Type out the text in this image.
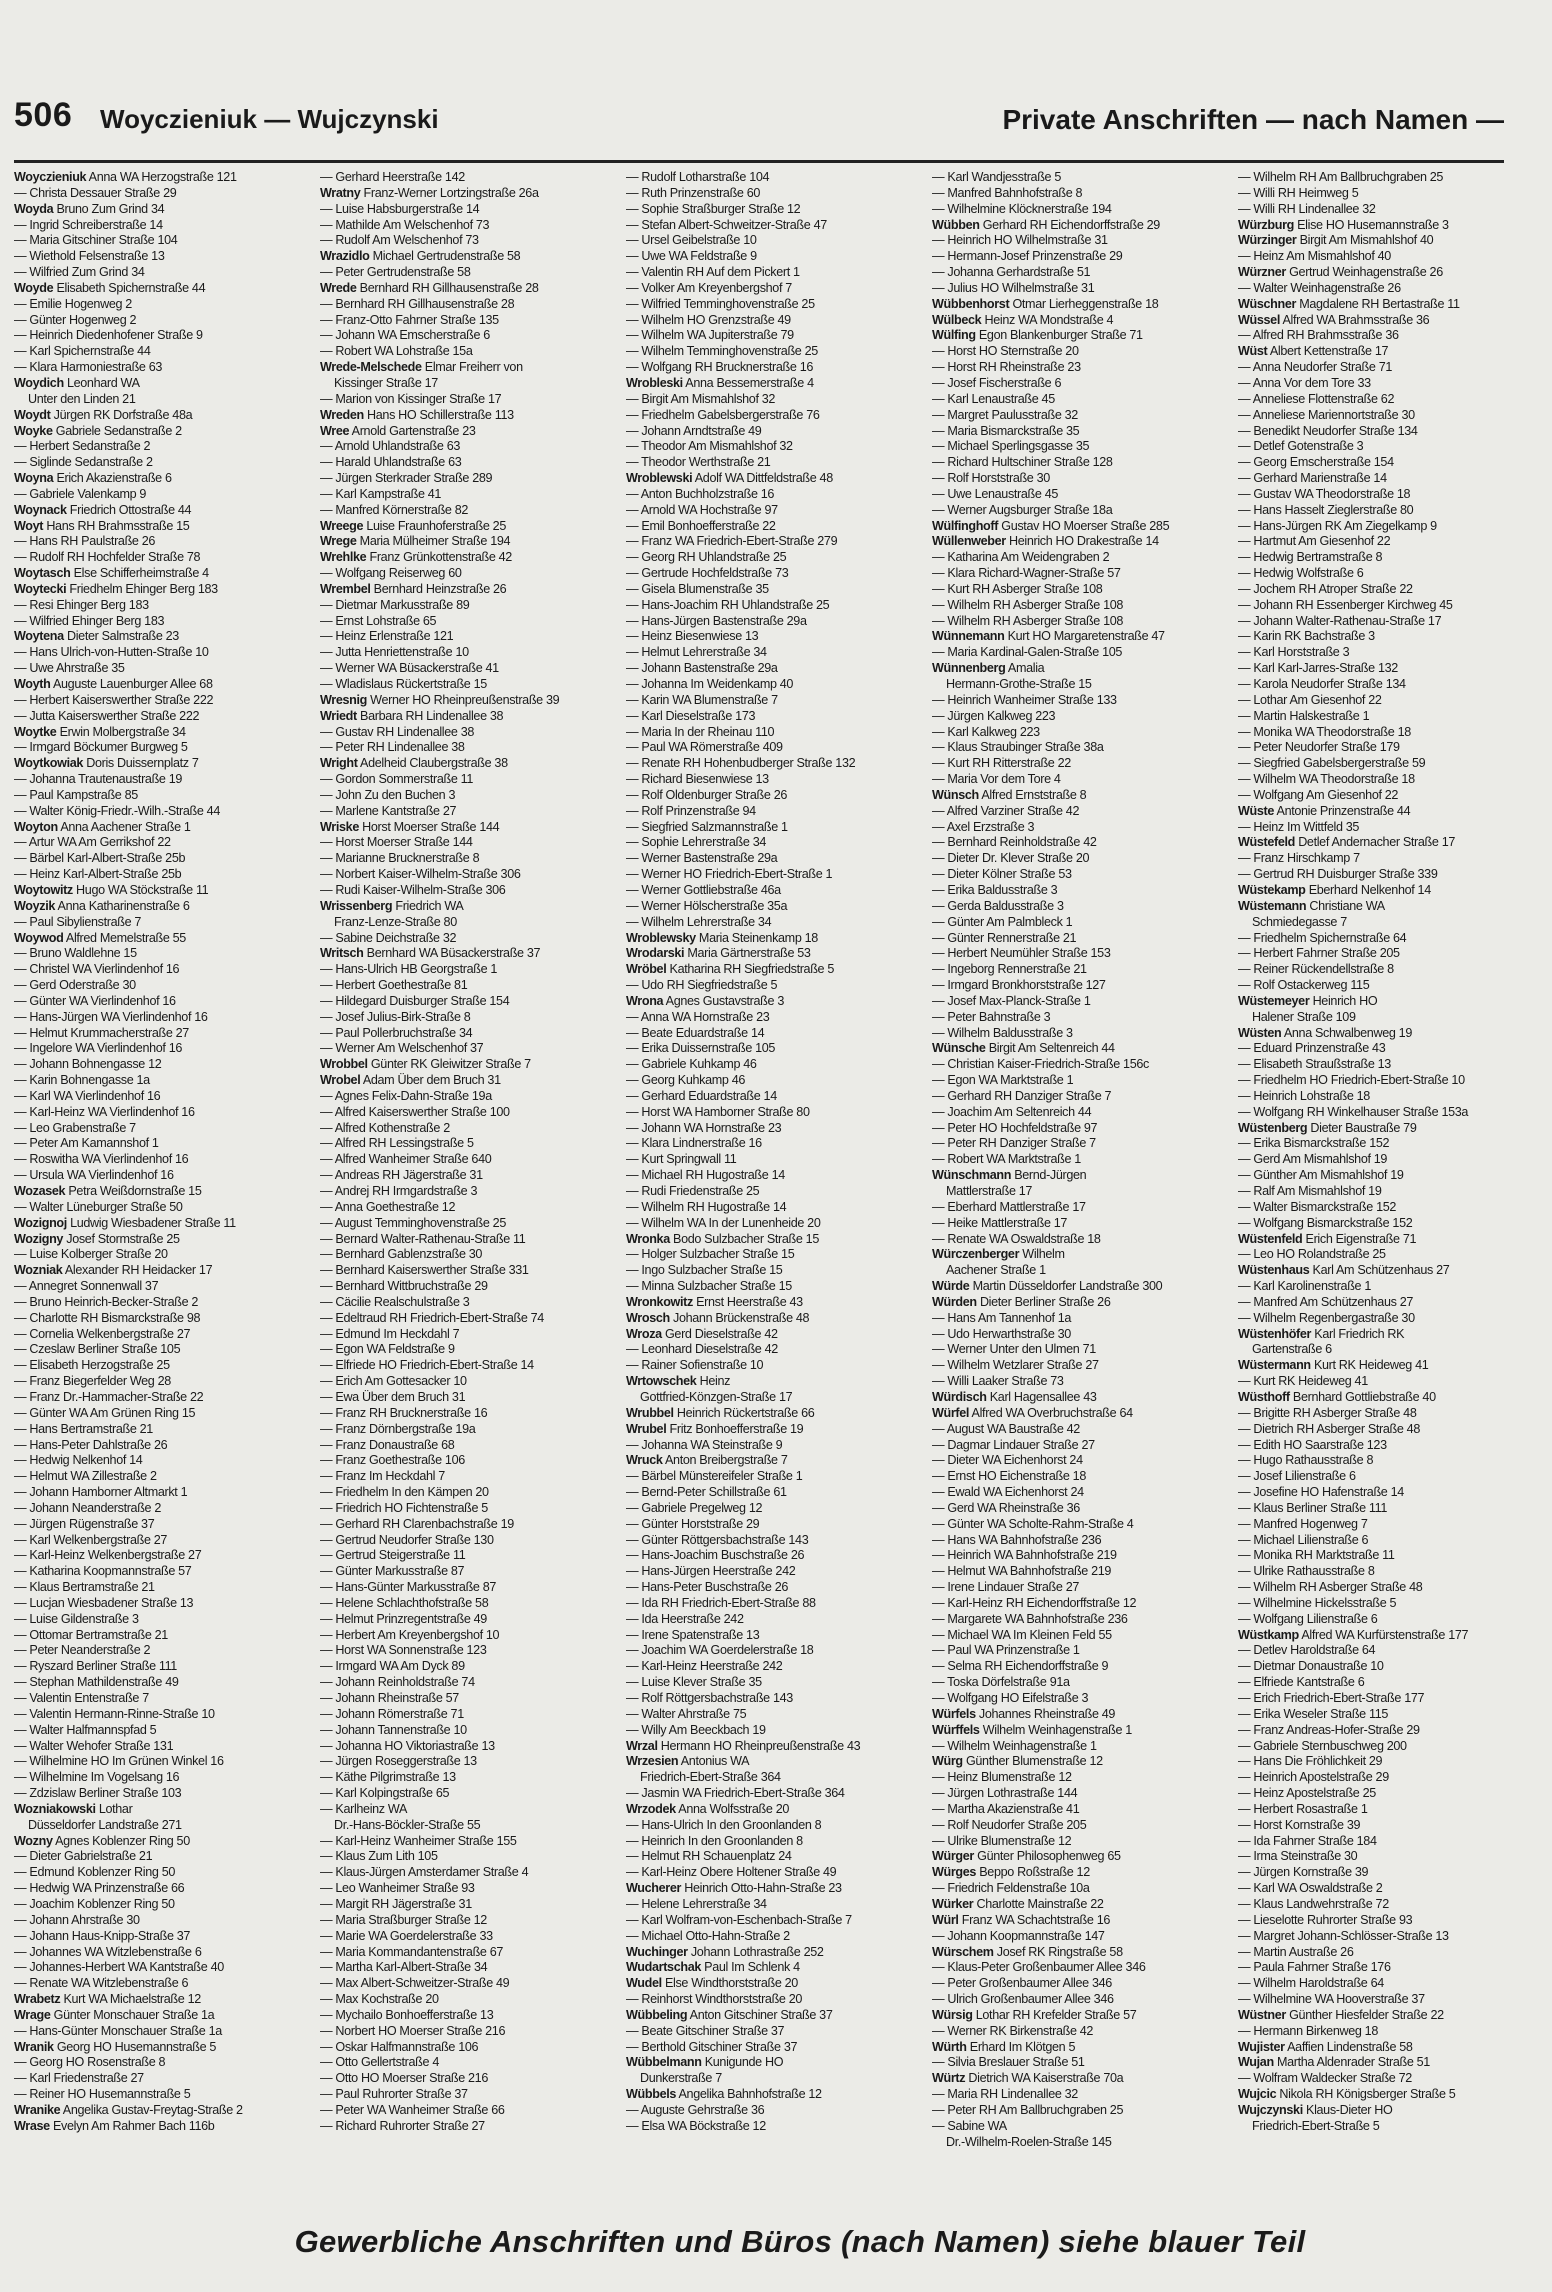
506 Woyczieniuk — Wujczynski	Private Anschriften — nach Namen —
Woyczieniuk Anna WA Herzogstraße 121
— Christa Dessauer Straße 29
Woyda Bruno Zum Grind 34
— Ingrid Schreiberstraße 14
— Maria Gitschiner Straße 104
— Wiethold Felsenstraße 13
— Wilfried Zum Grind 34
Woyde Elisabeth Spichernstraße 44
— Emilie Hogenweg 2
— Günter Hogenweg 2
— Heinrich Diedenhofener Straße 9
— Karl Spichernstraße 44
— Klara Harmoniestraße 63
Woydich Leonhard WA
Unter den Linden 21
Woydt Jürgen RK Dorfstraße 48a
Woyke Gabriele Sedanstraße 2
— Herbert Sedanstraße 2
— Siglinde Sedanstraße 2
Woyna Erich Akazienstraße 6
— Gabriele Valenkamp 9
Woynack Friedrich Ottostraße 44
Woyt Hans RH Brahmsstraße 15
— Hans RH Paulstraße 26
— Rudolf RH Hochfelder Straße 78
Woytasch Else Schifferheimstraße 4
Woytecki Friedhelm Ehinger Berg 183
— Resi Ehinger Berg 183
— Wilfried Ehinger Berg 183
Woytena Dieter Salmstraße 23
— Hans Ulrich-von-Hutten-Straße 10
— Uwe Ahrstraße 35
Woyth Auguste Lauenburger Allee 68
— Herbert Kaiserswerther Straße 222
— Jutta Kaiserswerther Straße 222
Woytke Erwin Molbergstraße 34
— Irmgard Böckumer Burgweg 5
Woytkowiak Doris Duissernplatz 7
— Johanna Trautenaustraße 19
— Paul Kampstraße 85
— Walter König-Friedr.-Wilh.-Straße 44
Woyton Anna Aachener Straße 1
— Artur WA Am Gerrikshof 22
— Bärbel Karl-Albert-Straße 25b
— Heinz Karl-Albert-Straße 25b
Woytowitz Hugo WA Stöckstraße 11
Woyzik Anna Katharinenstraße 6
— Paul Sibylienstraße 7
Woywod Alfred Memelstraße 55
— Bruno Waldlehne 15
— Christel WA Vierlindenhof 16
— Gerd Oderstraße 30
— Günter WA Vierlindenhof 16
— Hans-Jürgen WA Vierlindenhof 16
— Helmut Krummacherstraße 27
— Ingelore WA Vierlindenhof 16
— Johann Bohnengasse 12
— Karin Bohnengasse 1a
— Karl WA Vierlindenhof 16
— Karl-Heinz WA Vierlindenhof 16
— Leo Grabenstraße 7
— Peter Am Kamannshof 1
— Roswitha WA Vierlindenhof 16
— Ursula WA Vierlindenhof 16
Wozasek Petra Weißdornstraße 15
— Walter Lüneburger Straße 50
Wozignoj Ludwig Wiesbadener Straße 11
Wozigny Josef Stormstraße 25
— Luise Kolberger Straße 20
Wozniak Alexander RH Heidacker 17
— Annegret Sonnenwall 37
— Bruno Heinrich-Becker-Straße 2
— Charlotte RH Bismarckstraße 98
— Cornelia Welkenbergstraße 27
— Czeslaw Berliner Straße 105
— Elisabeth Herzogstraße 25
— Franz Biegerfelder Weg 28
— Franz Dr.-Hammacher-Straße 22
— Günter WA Am Grünen Ring 15
— Hans Bertramstraße 21
— Hans-Peter Dahlstraße 26
— Hedwig Nelkenhof 14
— Helmut WA Zillestraße 2
— Johann Hamborner Altmarkt 1
— Johann Neanderstraße 2
— Jürgen Rügenstraße 37
— Karl Welkenbergstraße 27
— Karl-Heinz Welkenbergstraße 27
— Katharina Koopmannstraße 57
— Klaus Bertramstraße 21
— Lucjan Wiesbadener Straße 13
— Luise Gildenstraße 3
— Ottomar Bertramstraße 21
— Peter Neanderstraße 2
— Ryszard Berliner Straße 111
— Stephan Mathildenstraße 49
— Valentin Entenstraße 7
— Valentin Hermann-Rinne-Straße 10
— Walter Halfmannspfad 5
— Walter Wehofer Straße 131
— Wilhelmine HO Im Grünen Winkel 16
— Wilhelmine Im Vogelsang 16
— Zdzislaw Berliner Straße 103
Wozniakowski Lothar
Düsseldorfer Landstraße 271
Wozny Agnes Koblenzer Ring 50
— Dieter Gabrielstraße 21
— Edmund Koblenzer Ring 50
— Hedwig WA Prinzenstraße 66
— Joachim Koblenzer Ring 50
— Johann Ahrstraße 30
— Johann Haus-Knipp-Straße 37
— Johannes WA Witzlebenstraße 6
— Johannes-Herbert WA Kantstraße 40
— Renate WA Witzlebenstraße 6
Wrabetz Kurt WA Michaelstraße 12
Wrage Günter Monschauer Straße 1a
— Hans-Günter Monschauer Straße 1a
Wranik Georg HO Husemannstraße 5
— Georg HO Rosenstraße 8
— Karl Friedenstraße 27
— Reiner HO Husemannstraße 5
Wranike Angelika Gustav-Freytag-Straße 2
Wrase Evelyn Am Rahmer Bach 116b
— Gerhard Heerstraße 142
Wratny Franz-Werner Lortzingstraße 26a
— Luise Habsburgerstraße 14
— Mathilde Am Welschenhof 73
— Rudolf Am Welschenhof 73
Wrazidlo Michael Gertrudenstraße 58
— Peter Gertrudenstraße 58
Wrede Bernhard RH Gillhausenstraße 28
— Bernhard RH Gillhausenstraße 28
— Franz-Otto Fahrner Straße 135
— Johann WA Emscherstraße 6
— Robert WA Lohstraße 15a
Wrede-Melschede Elmar Freiherr von
Kissinger Straße 17
— Marion von Kissinger Straße 17
Wreden Hans HO Schillerstraße 113
Wree Arnold Gartenstraße 23
— Arnold Uhlandstraße 63
— Harald Uhlandstraße 63
— Jürgen Sterkrader Straße 289
— Karl Kampstraße 41
— Manfred Körnerstraße 82
Wreege Luise Fraunhoferstraße 25
Wrege Maria Mülheimer Straße 194
Wrehlke Franz Grünkottenstraße 42
— Wolfgang Reiserweg 60
Wrembel Bernhard Heinzstraße 26
— Dietmar Markusstraße 89
— Ernst Lohstraße 65
— Heinz Erlenstraße 121
— Jutta Henriettenstraße 10
— Werner WA Büsackerstraße 41
— Wladislaus Rückertstraße 15
Wresnig Werner HO Rheinpreußenstraße 39
Wriedt Barbara RH Lindenallee 38
— Gustav RH Lindenallee 38
— Peter RH Lindenallee 38
Wright Adelheid Claubergstraße 38
— Gordon Sommerstraße 11
— John Zu den Buchen 3
— Marlene Kantstraße 27
Wriske Horst Moerser Straße 144
— Horst Moerser Straße 144
— Marianne Brucknerstraße 8
— Norbert Kaiser-Wilhelm-Straße 306
— Rudi Kaiser-Wilhelm-Straße 306
Wrissenberg Friedrich WA
Franz-Lenze-Straße 80
— Sabine Deichstraße 32
Writsch Bernhard WA Büsackerstraße 37
— Hans-Ulrich HB Georgstraße 1
— Herbert Goethestraße 81
— Hildegard Duisburger Straße 154
— Josef Julius-Birk-Straße 8
— Paul Pollerbruchstraße 34
— Werner Am Welschenhof 37
Wrobbel Günter RK Gleiwitzer Straße 7
Wrobel Adam Über dem Bruch 31
— Agnes Felix-Dahn-Straße 19a
— Alfred Kaiserswerther Straße 100
— Alfred Kothenstraße 2
— Alfred RH Lessingstraße 5
— Alfred Wanheimer Straße 640
— Andreas RH Jägerstraße 31
— Andrej RH Irmgardstraße 3
— Anna Goethestraße 12
— August Temminghovenstraße 25
— Bernard Walter-Rathenau-Straße 11
— Bernhard Gablenzstraße 30
— Bernhard Kaiserswerther Straße 331
— Bernhard Wittbruchstraße 29
— Cäcilie Realschulstraße 3
— Edeltraud RH Friedrich-Ebert-Straße 74
— Edmund Im Heckdahl 7
— Egon WA Feldstraße 9
— Elfriede HO Friedrich-Ebert-Straße 14
— Erich Am Gottesacker 10
— Ewa Über dem Bruch 31
— Franz RH Brucknerstraße 16
— Franz Dörnbergstraße 19a
— Franz Donaustraße 68
— Franz Goethestraße 106
— Franz Im Heckdahl 7
— Friedhelm In den Kämpen 20
— Friedrich HO Fichtenstraße 5
— Gerhard RH Clarenbachstraße 19
— Gertrud Neudorfer Straße 130
— Gertrud Steigerstraße 11
— Günter Markusstraße 87
— Hans-Günter Markusstraße 87
— Helene Schlachthofstraße 58
— Helmut Prinzregentstraße 49
— Herbert Am Kreyenbergshof 10
— Horst WA Sonnenstraße 123
— Irmgard WA Am Dyck 89
— Johann Reinholdstraße 74
— Johann Rheinstraße 57
— Johann Römerstraße 71
— Johann Tannenstraße 10
— Johanna HO Viktoriastraße 13
— Jürgen Roseggerstraße 13
— Käthe Pilgrimstraße 13
— Karl Kolpingstraße 65
— Karlheinz WA
Dr.-Hans-Böckler-Straße 55
— Karl-Heinz Wanheimer Straße 155
— Klaus Zum Lith 105
— Klaus-Jürgen Amsterdamer Straße 4
— Leo Wanheimer Straße 93
— Margit RH Jägerstraße 31
— Maria Straßburger Straße 12
— Marie WA Goerdelerstraße 33
— Maria Kommandantenstraße 67
— Martha Karl-Albert-Straße 34
— Max Albert-Schweitzer-Straße 49
— Max Kochstraße 20
— Mychailo Bonhoefferstraße 13
— Norbert HO Moerser Straße 216
— Oskar Halfmannstraße 106
— Otto Gellertstraße 4
— Otto HO Moerser Straße 216
— Paul Ruhrorter Straße 37
— Peter WA Wanheimer Straße 66
— Richard Ruhrorter Straße 27
— Rudolf Lotharstraße 104
— Ruth Prinzenstraße 60
— Sophie Straßburger Straße 12
— Stefan Albert-Schweitzer-Straße 47
— Ursel Geibelstraße 10
— Uwe WA Feldstraße 9
— Valentin RH Auf dem Pickert 1
— Volker Am Kreyenbergshof 7
— Wilfried Temminghovenstraße 25
— Wilhelm HO Grenzstraße 49
— Wilhelm WA Jupiterstraße 79
— Wilhelm Temminghovenstraße 25
— Wolfgang RH Brucknerstraße 16
Wrobleski Anna Bessemerstraße 4
— Birgit Am Mismahlshof 32
— Friedhelm Gabelsbergerstraße 76
— Johann Arndtstraße 49
— Theodor Am Mismahlshof 32
— Theodor Werthstraße 21
Wroblewski Adolf WA Dittfeldstraße 48
— Anton Buchholzstraße 16
— Arnold WA Hochstraße 97
— Emil Bonhoefferstraße 22
— Franz WA Friedrich-Ebert-Straße 279
— Georg RH Uhlandstraße 25
— Gertrude Hochfeldstraße 73
— Gisela Blumenstraße 35
— Hans-Joachim RH Uhlandstraße 25
— Hans-Jürgen Bastenstraße 29a
— Heinz Biesenwiese 13
— Helmut Lehrerstraße 34
— Johann Bastenstraße 29a
— Johanna Im Weidenkamp 40
— Karin WA Blumenstraße 7
— Karl Dieselstraße 173
— Maria In der Rheinau 110
— Paul WA Römerstraße 409
— Renate RH Hohenbudberger Straße 132
— Richard Biesenwiese 13
— Rolf Oldenburger Straße 26
— Rolf Prinzenstraße 94
— Siegfried Salzmannstraße 1
— Sophie Lehrerstraße 34
— Werner Bastenstraße 29a
— Werner HO Friedrich-Ebert-Straße 1
— Werner Gottliebstraße 46a
— Werner Hölscherstraße 35a
— Wilhelm Lehrerstraße 34
Wroblewsky Maria Steinenkamp 18
Wrodarski Maria Gärtnerstraße 53
Wröbel Katharina RH Siegfriedstraße 5
— Udo RH Siegfriedstraße 5
Wrona Agnes Gustavstraße 3
— Anna WA Hornstraße 23
— Beate Eduardstraße 14
— Erika Duissernstraße 105
— Gabriele Kuhkamp 46
— Georg Kuhkamp 46
— Gerhard Eduardstraße 14
— Horst WA Hamborner Straße 80
— Johann WA Hornstraße 23
— Klara Lindnerstraße 16
— Kurt Springwall 11
— Michael RH Hugostraße 14
— Rudi Friedenstraße 25
— Wilhelm RH Hugostraße 14
— Wilhelm WA In der Lunenheide 20
Wronka Bodo Sulzbacher Straße 15
— Holger Sulzbacher Straße 15
— Ingo Sulzbacher Straße 15
— Minna Sulzbacher Straße 15
Wronkowitz Ernst Heerstraße 43
Wrosch Johann Brückenstraße 48
Wroza Gerd Dieselstraße 42
— Leonhard Dieselstraße 42
— Rainer Sofienstraße 10
Wrtowschek Heinz
Gottfried-Könzgen-Straße 17
Wrubbel Heinrich Rückertstraße 66
Wrubel Fritz Bonhoefferstraße 19
— Johanna WA Steinstraße 9
Wruck Anton Breibergstraße 7
— Bärbel Münstereifeler Straße 1
— Bernd-Peter Schillstraße 61
— Gabriele Pregelweg 12
— Günter Horststraße 29
— Günter Röttgersbachstraße 143
— Hans-Joachim Buschstraße 26
— Hans-Jürgen Heerstraße 242
— Hans-Peter Buschstraße 26
— Ida RH Friedrich-Ebert-Straße 88
— Ida Heerstraße 242
— Irene Spatenstraße 13
— Joachim WA Goerdelerstraße 18
— Karl-Heinz Heerstraße 242
— Luise Klever Straße 35
— Rolf Röttgersbachstraße 143
— Walter Ahrstraße 75
— Willy Am Beeckbach 19
Wrzal Hermann HO Rheinpreußenstraße 43
Wrzesien Antonius WA
Friedrich-Ebert-Straße 364
— Jasmin WA Friedrich-Ebert-Straße 364
Wrzodek Anna Wolfsstraße 20
— Hans-Ulrich In den Groonlanden 8
— Heinrich In den Groonlanden 8
— Helmut RH Schauenplatz 24
— Karl-Heinz Obere Holtener Straße 49
Wucherer Heinrich Otto-Hahn-Straße 23
— Helene Lehrerstraße 34
— Karl Wolfram-von-Eschenbach-Straße 7
— Michael Otto-Hahn-Straße 2
Wuchinger Johann Lothrastraße 252
Wudartschak Paul Im Schlenk 4
Wudel Else Windthorststraße 20
— Reinhorst Windthorststraße 20
Wübbeling Anton Gitschiner Straße 37
— Beate Gitschiner Straße 37
— Berthold Gitschiner Straße 37
Wübbelmann Kunigunde HO
Dunkerstraße 7
Wübbels Angelika Bahnhofstraße 12
— Auguste Gehrstraße 36
— Elsa WA Böckstraße 12
— Karl Wandjesstraße 5
— Manfred Bahnhofstraße 8
— Wilhelmine Klöcknerstraße 194
Wübben Gerhard RH Eichendorffstraße 29
— Heinrich HO Wilhelmstraße 31
— Hermann-Josef Prinzenstraße 29
— Johanna Gerhardstraße 51
— Julius HO Wilhelmstraße 31
Wübbenhorst Otmar Lierheggenstraße 18
Wülbeck Heinz WA Mondstraße 4
Wülfing Egon Blankenburger Straße 71
— Horst HO Sternstraße 20
— Horst RH Rheinstraße 23
— Josef Fischerstraße 6
— Karl Lenaustraße 45
— Margret Paulusstraße 32
— Maria Bismarckstraße 35
— Michael Sperlingsgasse 35
— Richard Hultschiner Straße 128
— Rolf Horststraße 30
— Uwe Lenaustraße 45
— Werner Augsburger Straße 18a
Wülfinghoff Gustav HO Moerser Straße 285
Wüllenweber Heinrich HO Drakestraße 14
— Katharina Am Weidengraben 2
— Klara Richard-Wagner-Straße 57
— Kurt RH Asberger Straße 108
— Wilhelm RH Asberger Straße 108
— Wilhelm RH Asberger Straße 108
Wünnemann Kurt HO Margaretenstraße 47
— Maria Kardinal-Galen-Straße 105
Wünnenberg Amalia
Hermann-Grothe-Straße 15
— Heinrich Wanheimer Straße 133
— Jürgen Kalkweg 223
— Karl Kalkweg 223
— Klaus Straubinger Straße 38a
— Kurt RH Ritterstraße 22
— Maria Vor dem Tore 4
Wünsch Alfred Ernststraße 8
— Alfred Varziner Straße 42
— Axel Erzstraße 3
— Bernhard Reinholdstraße 42
— Dieter Dr. Klever Straße 20
— Dieter Kölner Straße 53
— Erika Baldusstraße 3
— Gerda Baldusstraße 3
— Günter Am Palmbleck 1
— Günter Rennerstraße 21
— Herbert Neumühler Straße 153
— Ingeborg Rennerstraße 21
— Irmgard Bronkhorststraße 127
— Josef Max-Planck-Straße 1
— Peter Bahnstraße 3
— Wilhelm Baldusstraße 3
Wünsche Birgit Am Seltenreich 44
— Christian Kaiser-Friedrich-Straße 156c
— Egon WA Marktstraße 1
— Gerhard RH Danziger Straße 7
— Joachim Am Seltenreich 44
— Peter HO Hochfeldstraße 97
— Peter RH Danziger Straße 7
— Robert WA Marktstraße 1
Wünschmann Bernd-Jürgen
Mattlerstraße 17
— Eberhard Mattlerstraße 17
— Heike Mattlerstraße 17
— Renate WA Oswaldstraße 18
Würczenberger Wilhelm
Aachener Straße 1
Würde Martin Düsseldorfer Landstraße 300
Würden Dieter Berliner Straße 26
— Hans Am Tannenhof 1a
— Udo Herwarthstraße 30
— Werner Unter den Ulmen 71
— Wilhelm Wetzlarer Straße 27
— Willi Laaker Straße 73
Würdisch Karl Hagensallee 43
Würfel Alfred WA Overbruchstraße 64
— August WA Baustraße 42
— Dagmar Lindauer Straße 27
— Dieter WA Eichenhorst 24
— Ernst HO Eichenstraße 18
— Ewald WA Eichenhorst 24
— Gerd WA Rheinstraße 36
— Günter WA Scholte-Rahm-Straße 4
— Hans WA Bahnhofstraße 236
— Heinrich WA Bahnhofstraße 219
— Helmut WA Bahnhofstraße 219
— Irene Lindauer Straße 27
— Karl-Heinz RH Eichendorffstraße 12
— Margarete WA Bahnhofstraße 236
— Michael WA Im Kleinen Feld 55
— Paul WA Prinzenstraße 1
— Selma RH Eichendorffstraße 9
— Toska Dörfelstraße 91a
— Wolfgang HO Eifelstraße 3
Würfels Johannes Rheinstraße 49
Würffels Wilhelm Weinhagenstraße 1
— Wilhelm Weinhagenstraße 1
Würg Günther Blumenstraße 12
— Heinz Blumenstraße 12
— Jürgen Lothrastraße 144
— Martha Akazienstraße 41
— Rolf Neudorfer Straße 205
— Ulrike Blumenstraße 12
Würger Günter Philosophenweg 65
Würges Beppo Roßstraße 12
— Friedrich Feldenstraße 10a
Würker Charlotte Mainstraße 22
Würl Franz WA Schachtstraße 16
— Johann Koopmannstraße 147
Würschem Josef RK Ringstraße 58
— Klaus-Peter Großenbaumer Allee 346
— Peter Großenbaumer Allee 346
— Ulrich Großenbaumer Allee 346
Würsig Lothar RH Krefelder Straße 57
— Werner RK Birkenstraße 42
Würth Erhard Im Klötgen 5
— Silvia Breslauer Straße 51
Würtz Dietrich WA Kaiserstraße 70a
— Maria RH Lindenallee 32
— Peter RH Am Ballbruchgraben 25
— Sabine WA
Dr.-Wilhelm-Roelen-Straße 145
— Wilhelm RH Am Ballbruchgraben 25
— Willi RH Heimweg 5
— Willi RH Lindenallee 32
Würzburg Elise HO Husemannstraße 3
Würzinger Birgit Am Mismahlshof 40
— Heinz Am Mismahlshof 40
Würzner Gertrud Weinhagenstraße 26
— Walter Weinhagenstraße 26
Wüschner Magdalene RH Bertastraße 11
Wüssel Alfred WA Brahmsstraße 36
— Alfred RH Brahmsstraße 36
Wüst Albert Kettenstraße 17
— Anna Neudorfer Straße 71
— Anna Vor dem Tore 33
— Anneliese Flottenstraße 62
— Anneliese Mariennortstraße 30
— Benedikt Neudorfer Straße 134
— Detlef Gotenstraße 3
— Georg Emscherstraße 154
— Gerhard Marienstraße 14
— Gustav WA Theodorstraße 18
— Hans Hasselt Zieglerstraße 80
— Hans-Jürgen RK Am Ziegelkamp 9
— Hartmut Am Giesenhof 22
— Hedwig Bertramstraße 8
— Hedwig Wolfstraße 6
— Jochem RH Atroper Straße 22
— Johann RH Essenberger Kirchweg 45
— Johann Walter-Rathenau-Straße 17
— Karin RK Bachstraße 3
— Karl Horststraße 3
— Karl Karl-Jarres-Straße 132
— Karola Neudorfer Straße 134
— Lothar Am Giesenhof 22
— Martin Halskestraße 1
— Monika WA Theodorstraße 18
— Peter Neudorfer Straße 179
— Siegfried Gabelsbergerstraße 59
— Wilhelm WA Theodorstraße 18
— Wolfgang Am Giesenhof 22
Wüste Antonie Prinzenstraße 44
— Heinz Im Wittfeld 35
Wüstefeld Detlef Andernacher Straße 17
— Franz Hirschkamp 7
— Gertrud RH Duisburger Straße 339
Wüstekamp Eberhard Nelkenhof 14
Wüstemann Christiane WA
Schmiedegasse 7
— Friedhelm Spichernstraße 64
— Herbert Fahrner Straße 205
— Reiner Rückendellstraße 8
— Rolf Ostackerweg 115
Wüstemeyer Heinrich HO
Halener Straße 109
Wüsten Anna Schwalbenweg 19
— Eduard Prinzenstraße 43
— Elisabeth Straußstraße 13
— Friedhelm HO Friedrich-Ebert-Straße 10
— Heinrich Lohstraße 18
— Wolfgang RH Winkelhauser Straße 153a
Wüstenberg Dieter Baustraße 79
— Erika Bismarckstraße 152
— Gerd Am Mismahlshof 19
— Günther Am Mismahlshof 19
— Ralf Am Mismahlshof 19
— Walter Bismarckstraße 152
— Wolfgang Bismarckstraße 152
Wüstenfeld Erich Eigenstraße 71
— Leo HO Rolandstraße 25
Wüstenhaus Karl Am Schützenhaus 27
— Karl Karolinenstraße 1
— Manfred Am Schützenhaus 27
— Wilhelm Regenbergastraße 30
Wüstenhöfer Karl Friedrich RK
Gartenstraße 6
Wüstermann Kurt RK Heideweg 41
— Kurt RK Heideweg 41
Wüsthoff Bernhard Gottliebstraße 40
— Brigitte RH Asberger Straße 48
— Dietrich RH Asberger Straße 48
— Edith HO Saarstraße 123
— Hugo Rathausstraße 8
— Josef Lilienstraße 6
— Josefine HO Hafenstraße 14
— Klaus Berliner Straße 111
— Manfred Hogenweg 7
— Michael Lilienstraße 6
— Monika RH Marktstraße 11
— Ulrike Rathausstraße 8
— Wilhelm RH Asberger Straße 48
— Wilhelmine Hickelsstraße 5
— Wolfgang Lilienstraße 6
Wüstkamp Alfred WA Kurfürstenstraße 177
— Detlev Haroldstraße 64
— Dietmar Donaustraße 10
— Elfriede Kantstraße 6
— Erich Friedrich-Ebert-Straße 177
— Erika Weseler Straße 115
— Franz Andreas-Hofer-Straße 29
— Gabriele Sternbuschweg 200
— Hans Die Fröhlichkeit 29
— Heinrich Apostelstraße 29
— Heinz Apostelstraße 25
— Herbert Rosastraße 1
— Horst Kornstraße 39
— Ida Fahrner Straße 184
— Irma Steinstraße 30
— Jürgen Kornstraße 39
— Karl WA Oswaldstraße 2
— Klaus Landwehrstraße 72
— Lieselotte Ruhrorter Straße 93
— Margret Johann-Schlösser-Straße 13
— Martin Austraße 26
— Paula Fahrner Straße 176
— Wilhelm Haroldstraße 64
— Wilhelmine WA Hooverstraße 37
Wüstner Günther Hiesfelder Straße 22
— Hermann Birkenweg 18
Wujister Aaffien Lindenstraße 58
Wujan Martha Aldenrader Straße 51
— Wolfram Waldecker Straße 72
Wujcic Nikola RH Königsberger Straße 5
Wujczynski Klaus-Dieter HO
Friedrich-Ebert-Straße 5
Gewerbliche Anschriften und Büros (nach Namen) siehe blauer Teil
